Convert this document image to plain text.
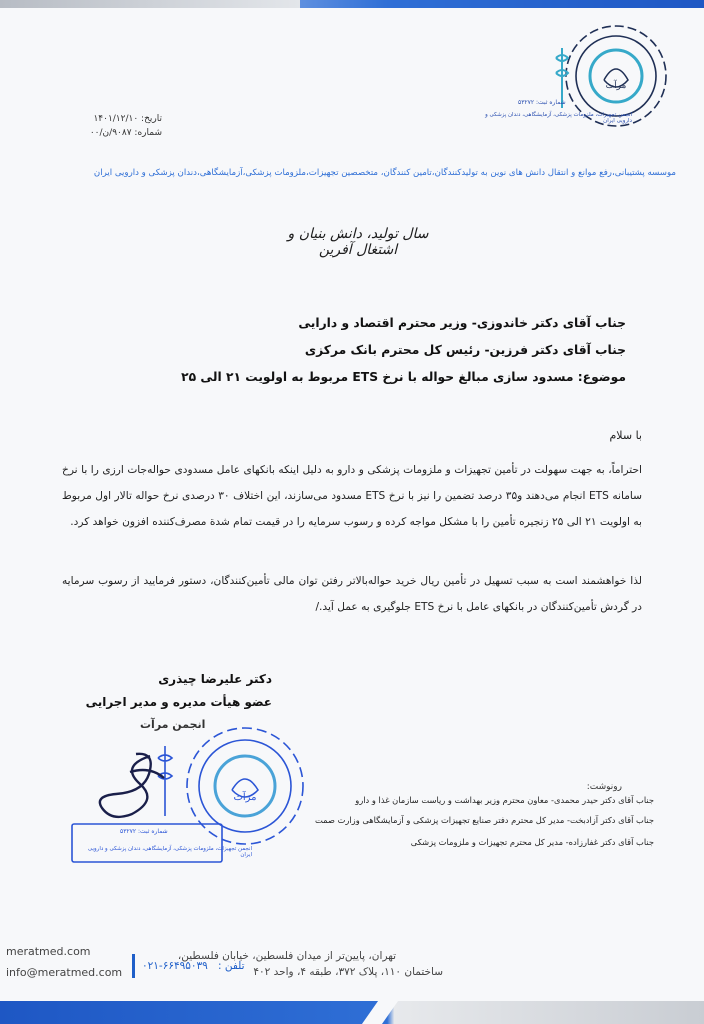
مرآت
شماره ثبت: ۵۳۲۷۲
انجمن تجهیزات، ملزومات پزشکی، آزمایشگاهی، دندان پزشکی و دارویی ایران
تاریخ: ۱۴۰۱/۱۲/۱۰
شماره: ۹۰۸۷/ن/۰۰
موسسه پشتیبانی،رفع موانع و انتقال دانش های نوین به تولیدکنندگان،تامین کنندگان، متخصصین تجهیزات،ملزومات پزشکی،آزمایشگاهی،دندان پزشکی و دارویی ایران
سال تولید، دانش بنیان و اشتغال آفرین
جناب آقای دکتر خاندوزی- وزیر محترم اقتصاد و دارایی
جناب آقای دکتر فرزین- رئیس کل محترم بانک مرکزی
موضوع: مسدود سازی مبالغ حواله با نرخ ETS مربوط به اولویت ۲۱ الی ۲۵
با سلام
احتراماً، به جهت سهولت در تأمین تجهیزات و ملزومات پزشکی و دارو به دلیل اینکه بانکهای عامل مسدودی حوالەجات ارزی را با نرخ سامانه ETS انجام می‌دهند و۳۵ درصد تضمین را نیز با نرخ ETS مسدود می‌سازند، این اختلاف ۳۰ درصدی نرخ حواله تالار اول مربوط به اولویت ۲۱ الی ۲۵ زنجیره تأمین را با مشکل مواجه کرده و رسوب سرمایه را در قیمت تمام شدة مصرف‌کننده افزون خواهد کرد.
لذا خواهشمند است به سبب تسهیل در تأمین ریال خرید حواله‌بالاتر رفتن توان مالی تأمین‌کنندگان، دستور فرمایید از رسوب سرمایه در گردش تأمین‌کنندگان در بانکهای عامل با نرخ ETS جلوگیری به عمل آید./
مرآت
شماره ثبت: ۵۳۲۷۲
انجمن تجهیزات، ملزومات پزشکی، آزمایشگاهی، دندان پزشکی و دارویی ایران
دکتر علیرضا چیذری
عضو هیأت مدیره و مدیر اجرایی
انجمن مرآت
رونوشت:
جناب آقای دکتر حیدر محمدی- معاون محترم وزیر بهداشت و ریاست سازمان غذا و دارو
جناب آقای دکتر آزادبخت- مدیر کل محترم دفتر صنایع تجهیزات پزشکی و آزمایشگاهی وزارت صمت
جناب آقای دکتر غفارزاده- مدیر کل محترم تجهیزات و ملزومات پزشکی
meratmed.com
info@meratmed.com ۰۲۱-۶۶۴۹۵۰۳۹ تلفن :
تهران، پایین‌تر از میدان فلسطین، خیابان فلسطین،
ساختمان ۱۱۰، پلاک ۳۷۲، طبقه ۴، واحد ۴۰۲
